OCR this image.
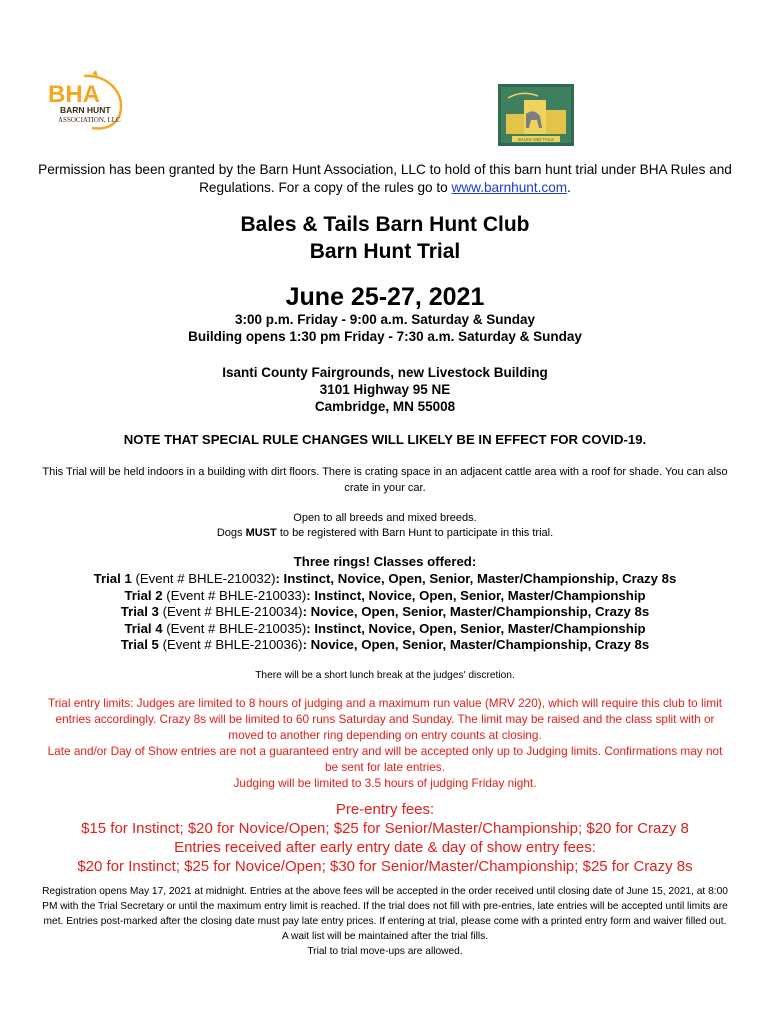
BHA
BARN HUNT
ASSOCIATION, LLC
BALES AND TAILS
Permission has been granted by the Barn Hunt Association, LLC to hold of this barn hunt trial under BHA Rules and Regulations. For a copy of the rules go to www.barnhunt.com.
Bales & Tails Barn Hunt Club
Barn Hunt Trial
June 25-27, 2021
3:00 p.m. Friday - 9:00 a.m. Saturday & Sunday
Building opens 1:30 pm Friday - 7:30 a.m. Saturday & Sunday
Isanti County Fairgrounds, new Livestock Building
3101 Highway 95 NE
Cambridge, MN 55008
NOTE THAT SPECIAL RULE CHANGES WILL LIKELY BE IN EFFECT FOR COVID-19.
This Trial will be held indoors in a building with dirt floors. There is crating space in an adjacent cattle area with a roof for shade. You can also crate in your car.
Open to all breeds and mixed breeds.
Dogs MUST to be registered with Barn Hunt to participate in this trial.
Three rings! Classes offered:
Trial 1 (Event # BHLE-210032): Instinct, Novice, Open, Senior, Master/Championship, Crazy 8s
Trial 2 (Event # BHLE-210033): Instinct, Novice, Open, Senior, Master/Championship
Trial 3 (Event # BHLE-210034): Novice, Open, Senior, Master/Championship, Crazy 8s
Trial 4 (Event # BHLE-210035): Instinct, Novice, Open, Senior, Master/Championship
Trial 5 (Event # BHLE-210036): Novice, Open, Senior, Master/Championship, Crazy 8s
There will be a short lunch break at the judges' discretion.
Trial entry limits: Judges are limited to 8 hours of judging and a maximum run value (MRV 220), which will require this club to limit entries accordingly. Crazy 8s will be limited to 60 runs Saturday and Sunday. The limit may be raised and the class split with or moved to another ring depending on entry counts at closing.
Late and/or Day of Show entries are not a guaranteed entry and will be accepted only up to Judging limits. Confirmations may not be sent for late entries.
Judging will be limited to 3.5 hours of judging Friday night.
Pre-entry fees:
$15 for Instinct; $20 for Novice/Open; $25 for Senior/Master/Championship; $20 for Crazy 8
Entries received after early entry date & day of show entry fees:
$20 for Instinct; $25 for Novice/Open; $30 for Senior/Master/Championship; $25 for Crazy 8s
Registration opens May 17, 2021 at midnight. Entries at the above fees will be accepted in the order received until closing date of June 15, 2021, at 8:00 PM with the Trial Secretary or until the maximum entry limit is reached. If the trial does not fill with pre-entries, late entries will be accepted until limits are met. Entries post-marked after the closing date must pay late entry prices. If entering at trial, please come with a printed entry form and waiver filled out. A wait list will be maintained after the trial fills.
Trial to trial move-ups are allowed.
